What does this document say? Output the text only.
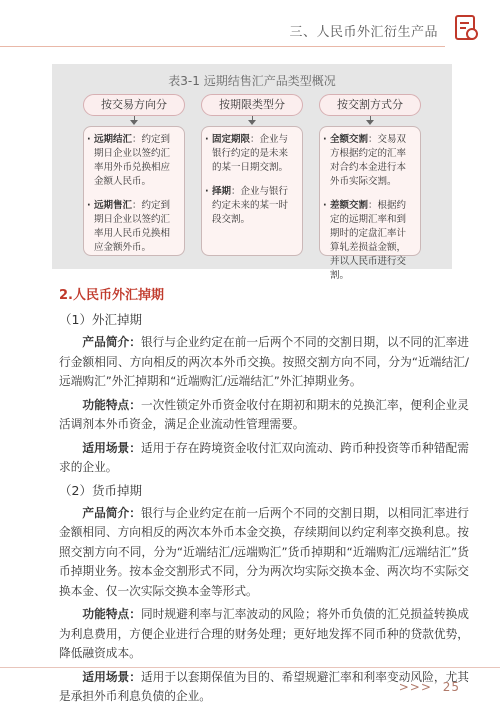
三、人民币外汇衍生产品
表3-1 远期结售汇产品类型概况
按交易方向分
· 远期结汇：约定到期日企业以签约汇率用外币兑换相应金额人民币。
· 远期售汇：约定到期日企业以签约汇率用人民币兑换相应金额外币。
按期限类型分
· 固定期限：企业与银行约定的是未来的某一日期交割。
· 择期：企业与银行约定未来的某一时段交割。
按交割方式分
· 全额交割：交易双方根据约定的汇率对合约本金进行本外币实际交割。
· 差额交割：根据约定的远期汇率和到期时的定盘汇率计算轧差损益金额，并以人民币进行交割。
2.人民币外汇掉期
（1）外汇掉期

产品简介：银行与企业约定在前一后两个不同的交割日期，以不同的汇率进行金额相同、方向相反的两次本外币交换。按照交割方向不同，分为“近端结汇/远端购汇”外汇掉期和“近端购汇/远端结汇”外汇掉期业务。

功能特点：一次性锁定外币资金收付在期初和期末的兑换汇率，便利企业灵活调剂本外币资金，满足企业流动性管理需要。

适用场景：适用于存在跨境资金收付汇双向流动、跨币种投资等币种错配需求的企业。

（2）货币掉期

产品简介：银行与企业约定在前一后两个不同的交割日期，以相同汇率进行金额相同、方向相反的两次本外币本金交换，存续期间以约定利率交换利息。按照交割方向不同，分为“近端结汇/远端购汇”货币掉期和“近端购汇/远端结汇”货币掉期业务。按本金交割形式不同，分为两次均实际交换本金、两次均不实际交换本金、仅一次实际交换本金等形式。

功能特点：同时规避利率与汇率波动的风险；将外币负债的汇兑损益转换成为利息费用，方便企业进行合理的财务处理；更好地发挥不同币种的贷款优势，降低融资成本。

适用场景：适用于以套期保值为目的、希望规避汇率和利率变动风险，尤其是承担外币利息负债的企业。

>>> 25
